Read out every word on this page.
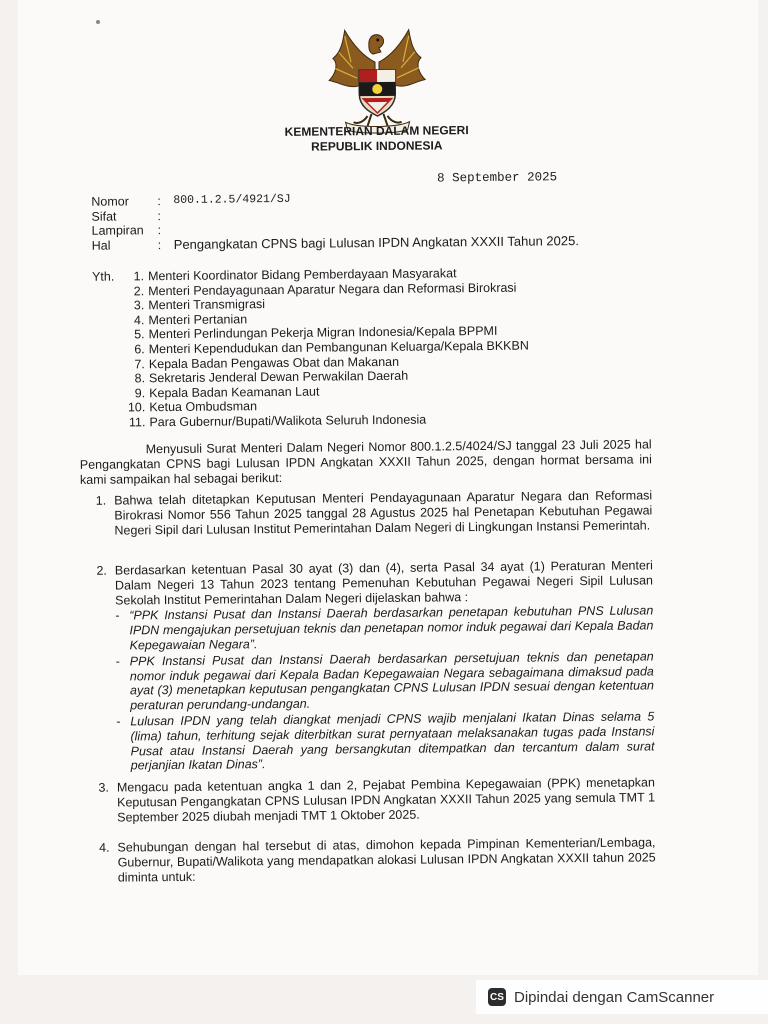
KEMENTERIAN DALAM NEGERI
REPUBLIK INDONESIA
8 September 2025
Nomor	:	800.1.2.5/4921/SJ
Sifat	:
Lampiran	:
Hal	: Pengangkatan CPNS bagi Lulusan IPDN Angkatan XXXII Tahun 2025.
Yth.	1. Menteri Koordinator Bidang Pemberdayaan Masyarakat
2. Menteri Pendayagunaan Aparatur Negara dan Reformasi Birokrasi
3. Menteri Transmigrasi
4. Menteri Pertanian
5. Menteri Perlindungan Pekerja Migran Indonesia/Kepala BPPMI
6. Menteri Kependudukan dan Pembangunan Keluarga/Kepala BKKBN
7. Kepala Badan Pengawas Obat dan Makanan
8. Sekretaris Jenderal Dewan Perwakilan Daerah
9. Kepala Badan Keamanan Laut
10. Ketua Ombudsman
11. Para Gubernur/Bupati/Walikota Seluruh Indonesia

Menyusuli Surat Menteri Dalam Negeri Nomor 800.1.2.5/4024/SJ tanggal 23 Juli 2025 hal Pengangkatan CPNS bagi Lulusan IPDN Angkatan XXXII Tahun 2025, dengan hormat bersama ini kami sampaikan hal sebagai berikut:

1. Bahwa telah ditetapkan Keputusan Menteri Pendayagunaan Aparatur Negara dan Reformasi Birokrasi Nomor 556 Tahun 2025 tanggal 28 Agustus 2025 hal Penetapan Kebutuhan Pegawai Negeri Sipil dari Lulusan Institut Pemerintahan Dalam Negeri di Lingkungan Instansi Pemerintah.
2. Berdasarkan ketentuan Pasal 30 ayat (3) dan (4), serta Pasal 34 ayat (1) Peraturan Menteri Dalam Negeri 13 Tahun 2023 tentang Pemenuhan Kebutuhan Pegawai Negeri Sipil Lulusan Sekolah Institut Pemerintahan Dalam Negeri dijelaskan bahwa :
- “PPK Instansi Pusat dan Instansi Daerah berdasarkan penetapan kebutuhan PNS Lulusan IPDN mengajukan persetujuan teknis dan penetapan nomor induk pegawai dari Kepala Badan Kepegawaian Negara”.
- PPK Instansi Pusat dan Instansi Daerah berdasarkan persetujuan teknis dan penetapan nomor induk pegawai dari Kepala Badan Kepegawaian Negara sebagaimana dimaksud pada ayat (3) menetapkan keputusan pengangkatan CPNS Lulusan IPDN sesuai dengan ketentuan peraturan perundang-undangan.
- Lulusan IPDN yang telah diangkat menjadi CPNS wajib menjalani Ikatan Dinas selama 5 (lima) tahun, terhitung sejak diterbitkan surat pernyataan melaksanakan tugas pada Instansi Pusat atau Instansi Daerah yang bersangkutan ditempatkan dan tercantum dalam surat perjanjian Ikatan Dinas”.
3. Mengacu pada ketentuan angka 1 dan 2, Pejabat Pembina Kepegawaian (PPK) menetapkan Keputusan Pengangkatan CPNS Lulusan IPDN Angkatan XXXII Tahun 2025 yang semula TMT 1 September 2025 diubah menjadi TMT 1 Oktober 2025.
4. Sehubungan dengan hal tersebut di atas, dimohon kepada Pimpinan Kementerian/Lembaga, Gubernur, Bupati/Walikota yang mendapatkan alokasi Lulusan IPDN Angkatan XXXII tahun 2025 diminta untuk:
CS Dipindai dengan CamScanner
